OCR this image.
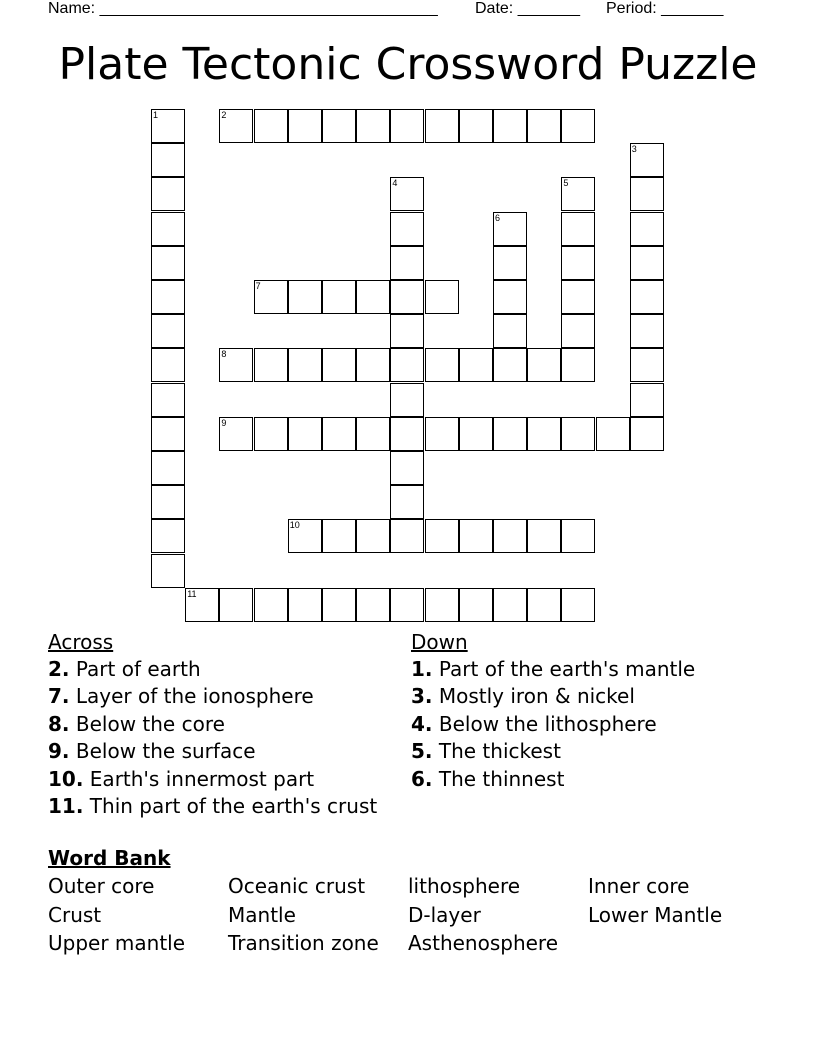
Name: ______________________________________ Date: _______ Period: _______
Plate Tectonic Crossword Puzzle
1	2
3
4	5
6
7
8
9
10
11
Across
2. Part of earth
7. Layer of the ionosphere
8. Below the core
9. Below the surface
10. Earth's innermost part
11. Thin part of the earth's crust
Down
1. Part of the earth's mantle
3. Mostly iron & nickel
4. Below the lithosphere
5. The thickest
6. The thinnest
Word Bank
Outer core	Oceanic crust	lithosphere	Inner core
Crust	Mantle	D-layer	Lower Mantle
Upper mantle	Transition zone	Asthenosphere
